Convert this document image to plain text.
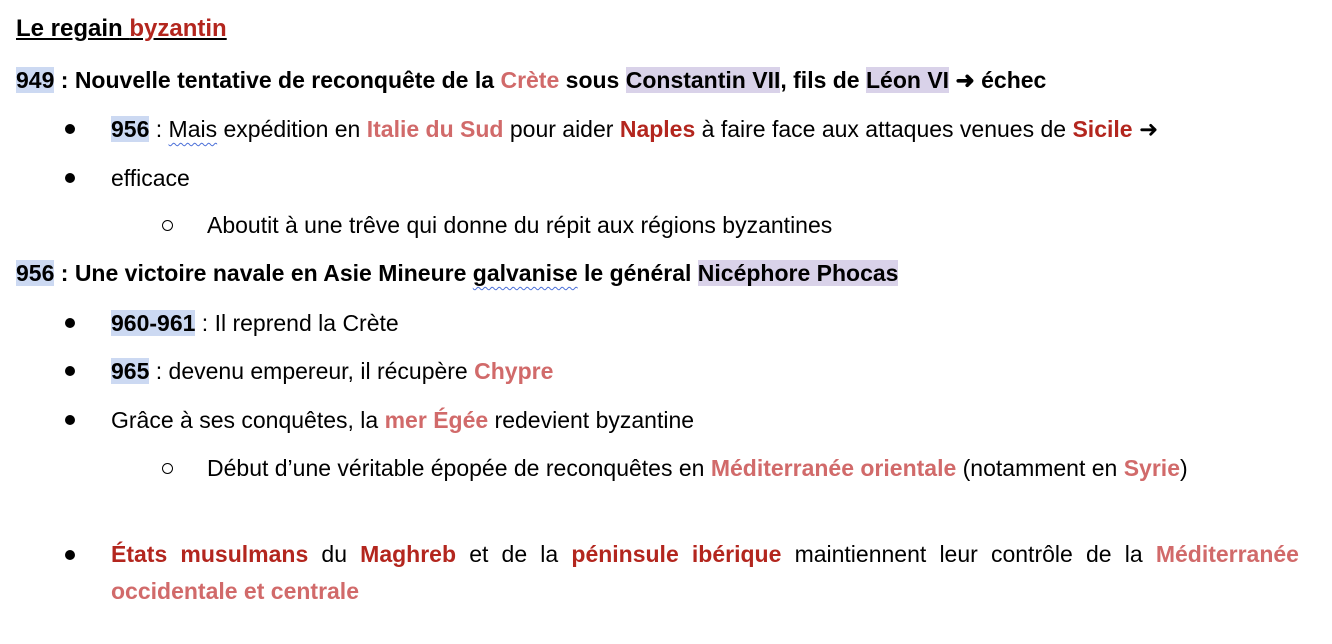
Le regain byzantin
949 : Nouvelle tentative de reconquête de la Crète sous Constantin VII, fils de Léon VI ➜ échec
956 : Mais expédition en Italie du Sud pour aider Naples à faire face aux attaques venues de Sicile ➜
efficace
Aboutit à une trêve qui donne du répit aux régions byzantines
956 : Une victoire navale en Asie Mineure galvanise le général Nicéphore Phocas
960-961 : Il reprend la Crète
965 : devenu empereur, il récupère Chypre
Grâce à ses conquêtes, la mer Égée redevient byzantine
Début d’une véritable épopée de reconquêtes en Méditerranée orientale (notamment en Syrie)
États musulmans du Maghreb et de la péninsule ibérique maintiennent leur contrôle de la Méditerranée occidentale et centrale
